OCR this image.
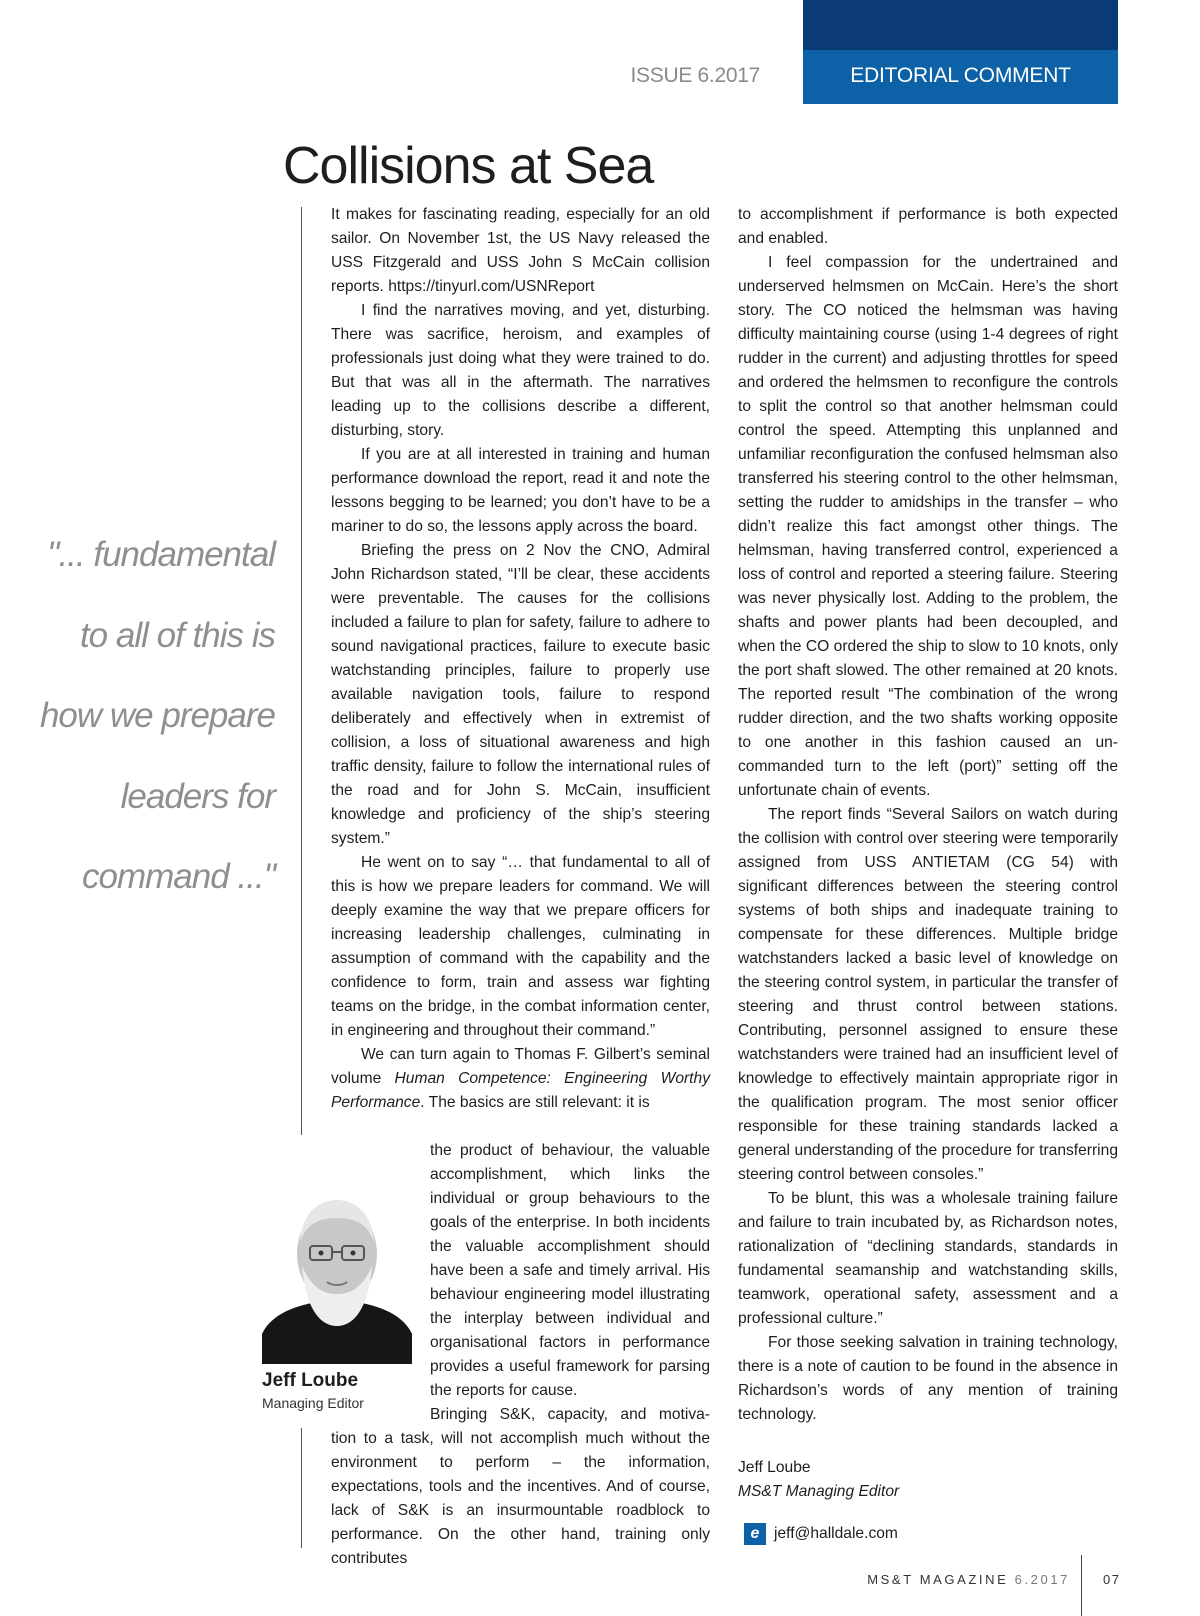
ISSUE 6.2017	EDITORIAL COMMENT
Collisions at Sea
"... fundamental to all of this is how we prepare leaders for command ..."

It makes for fascinating reading, especially for an old sailor. On November 1st, the US Navy released the USS Fitzgerald and USS John S McCain collision reports. https://tinyurl.com/USNReport

I find the narratives moving, and yet, disturbing. There was sacrifice, heroism, and examples of professionals just doing what they were trained to do. But that was all in the aftermath. The narratives leading up to the collisions describe a different, disturbing, story.

If you are at all interested in training and human performance download the report, read it and note the lessons begging to be learned; you don’t have to be a mariner to do so, the lessons apply across the board.

Briefing the press on 2 Nov the CNO, Admiral John Richardson stated, “I’ll be clear, these accidents were preventable. The causes for the collisions included a failure to plan for safety, failure to adhere to sound navigational practices, failure to execute basic watchstanding principles, failure to properly use available navigation tools, failure to respond deliberately and effectively when in extremist of collision, a loss of situational awareness and high traffic density, failure to follow the international rules of the road and for John S. McCain, insufficient knowledge and proficiency of the ship’s steering system.”

He went on to say “… that fundamental to all of this is how we prepare leaders for command. We will deeply examine the way that we prepare officers for increasing leadership challenges, culminating in assumption of command with the capability and the confidence to form, train and assess war fighting teams on the bridge, in the combat information center, in engineering and throughout their command.”

We can turn again to Thomas F. Gilbert’s seminal volume Human Competence: Engineering Worthy Performance. The basics are still relevant: it is

the product of behaviour, the valuable accomplishment, which links the individual or group behaviours to the goals of the enterprise. In both incidents the valuable accomplishment should have been a safe and timely arrival. His behaviour engineering model illustrating the interplay between individual and organisational factors in performance provides a useful framework for parsing the reports for cause.

Bringing S&K, capacity, and motiva-

tion to a task, will not accomplish much without the environment to perform – the information, expectations, tools and the incentives. And of course, lack of S&K is an insurmountable roadblock to performance. On the other hand, training only contributes

to accomplishment if performance is both expected and enabled.

I feel compassion for the undertrained and underserved helmsmen on McCain. Here’s the short story. The CO noticed the helmsman was having difficulty maintaining course (using 1-4 degrees of right rudder in the current) and adjusting throttles for speed and ordered the helmsmen to reconfigure the controls to split the control so that another helmsman could control the speed. Attempting this unplanned and unfamiliar reconfiguration the confused helmsman also transferred his steering control to the other helmsman, setting the rudder to amidships in the transfer – who didn’t realize this fact amongst other things. The helmsman, having transferred control, experienced a loss of control and reported a steering failure. Steering was never physically lost. Adding to the problem, the shafts and power plants had been decoupled, and when the CO ordered the ship to slow to 10 knots, only the port shaft slowed. The other remained at 20 knots. The reported result “The combination of the wrong rudder direction, and the two shafts working opposite to one another in this fashion caused an un-commanded turn to the left (port)” setting off the unfortunate chain of events.

The report finds “Several Sailors on watch during the collision with control over steering were temporarily assigned from USS ANTIETAM (CG 54) with significant differences between the steering control systems of both ships and inadequate training to compensate for these differences. Multiple bridge watchstanders lacked a basic level of knowledge on the steering control system, in particular the transfer of steering and thrust control between stations. Contributing, personnel assigned to ensure these watchstanders were trained had an insufficient level of knowledge to effectively maintain appropriate rigor in the qualification program. The most senior officer responsible for these training standards lacked a general understanding of the procedure for transferring steering control between consoles.”

To be blunt, this was a wholesale training failure and failure to train incubated by, as Richardson notes, rationalization of “declining standards, standards in fundamental seamanship and watchstanding skills, teamwork, operational safety, assessment and a professional culture.”

For those seeking salvation in training technology, there is a note of caution to be found in the absence in Richardson’s words of any mention of training technology.

Jeff Loube
MS&T Managing Editor
e jeff@halldale.com
Jeff Loube
Managing Editor
MS&T MAGAZINE 6.2017	07
